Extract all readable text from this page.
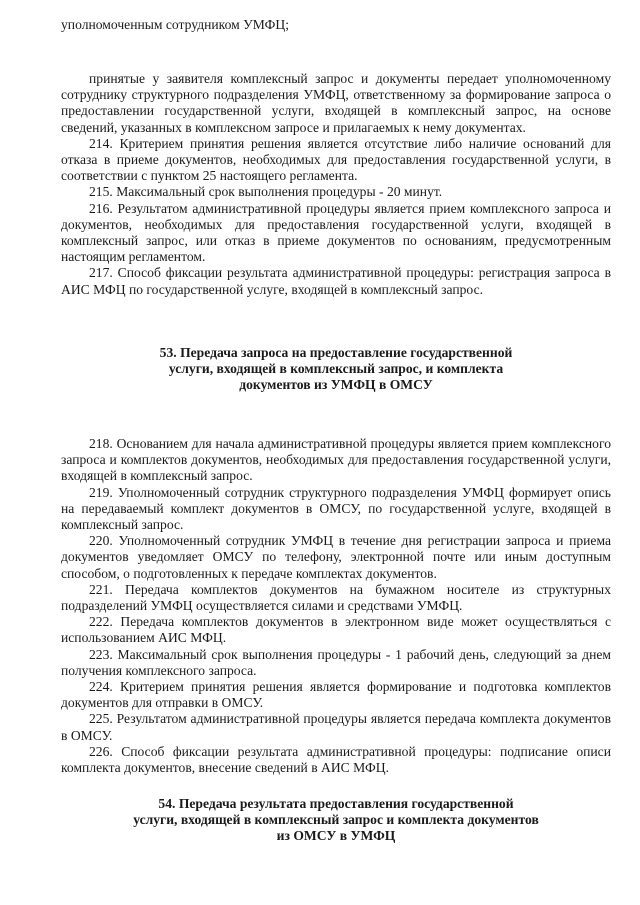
уполномоченным сотрудником УМФЦ;

принятые у заявителя комплексный запрос и документы передает уполномоченному сотруднику структурного подразделения УМФЦ, ответственному за формирование запроса о предоставлении государственной услуги, входящей в комплексный запрос, на основе сведений, указанных в комплексном запросе и прилагаемых к нему документах.

214. Критерием принятия решения является отсутствие либо наличие оснований для отказа в приеме документов, необходимых для предоставления государственной услуги, в соответствии с пунктом 25 настоящего регламента.

215. Максимальный срок выполнения процедуры - 20 минут.

216. Результатом административной процедуры является прием комплексного запроса и документов, необходимых для предоставления государственной услуги, входящей в комплексный запрос, или отказ в приеме документов по основаниям, предусмотренным настоящим регламентом.

217. Способ фиксации результата административной процедуры: регистрация запроса в АИС МФЦ по государственной услуге, входящей в комплексный запрос.

53. Передача запроса на предоставление государственной
услуги, входящей в комплексный запрос, и комплекта
документов из УМФЦ в ОМСУ

218. Основанием для начала административной процедуры является прием комплексного запроса и комплектов документов, необходимых для предоставления государственной услуги, входящей в комплексный запрос.

219. Уполномоченный сотрудник структурного подразделения УМФЦ формирует опись на передаваемый комплект документов в ОМСУ, по государственной услуге, входящей в комплексный запрос.

220. Уполномоченный сотрудник УМФЦ в течение дня регистрации запроса и приема документов уведомляет ОМСУ по телефону, электронной почте или иным доступным способом, о подготовленных к передаче комплектах документов.

221. Передача комплектов документов на бумажном носителе из структурных подразделений УМФЦ осуществляется силами и средствами УМФЦ.

222. Передача комплектов документов в электронном виде может осуществляться с использованием АИС МФЦ.

223. Максимальный срок выполнения процедуры - 1 рабочий день, следующий за днем получения комплексного запроса.

224. Критерием принятия решения является формирование и подготовка комплектов документов для отправки в ОМСУ.

225. Результатом административной процедуры является передача комплекта документов в ОМСУ.

226. Способ фиксации результата административной процедуры: подписание описи комплекта документов, внесение сведений в АИС МФЦ.

54. Передача результата предоставления государственной
услуги, входящей в комплексный запрос и комплекта документов
из ОМСУ в УМФЦ
